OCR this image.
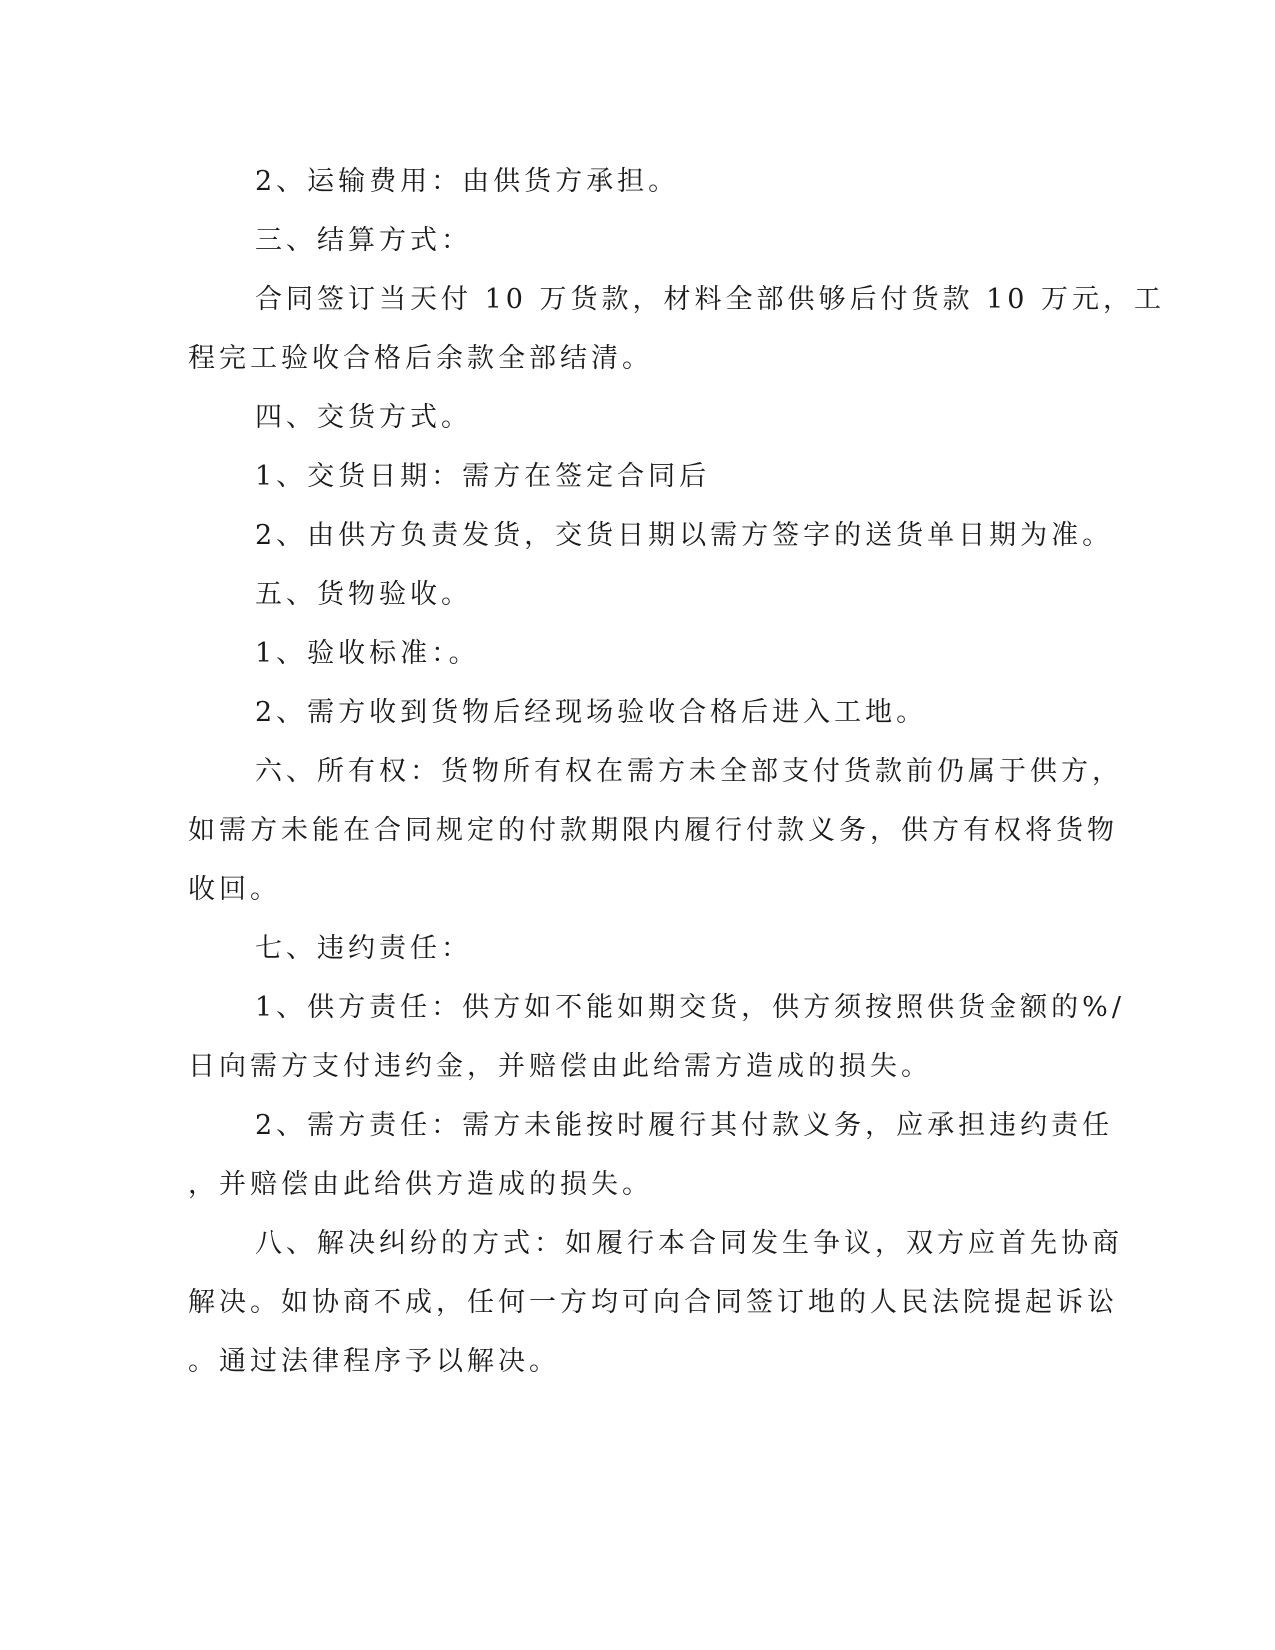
2、运输费用：由供货方承担。
三、结算方式：
合同签订当天付 10 万货款，材料全部供够后付货款 10 万元，工
程完工验收合格后余款全部结清。
四、交货方式。
1、交货日期：需方在签定合同后
2、由供方负责发货，交货日期以需方签字的送货单日期为准。
五、货物验收。
1、验收标准：。
2、需方收到货物后经现场验收合格后进入工地。
六、所有权：货物所有权在需方未全部支付货款前仍属于供方，
如需方未能在合同规定的付款期限内履行付款义务，供方有权将货物
收回。
七、违约责任：
1、供方责任：供方如不能如期交货，供方须按照供货金额的%/
日向需方支付违约金，并赔偿由此给需方造成的损失。
2、需方责任：需方未能按时履行其付款义务，应承担违约责任
，并赔偿由此给供方造成的损失。
八、解决纠纷的方式：如履行本合同发生争议，双方应首先协商
解决。如协商不成，任何一方均可向合同签订地的人民法院提起诉讼
。通过法律程序予以解决。
